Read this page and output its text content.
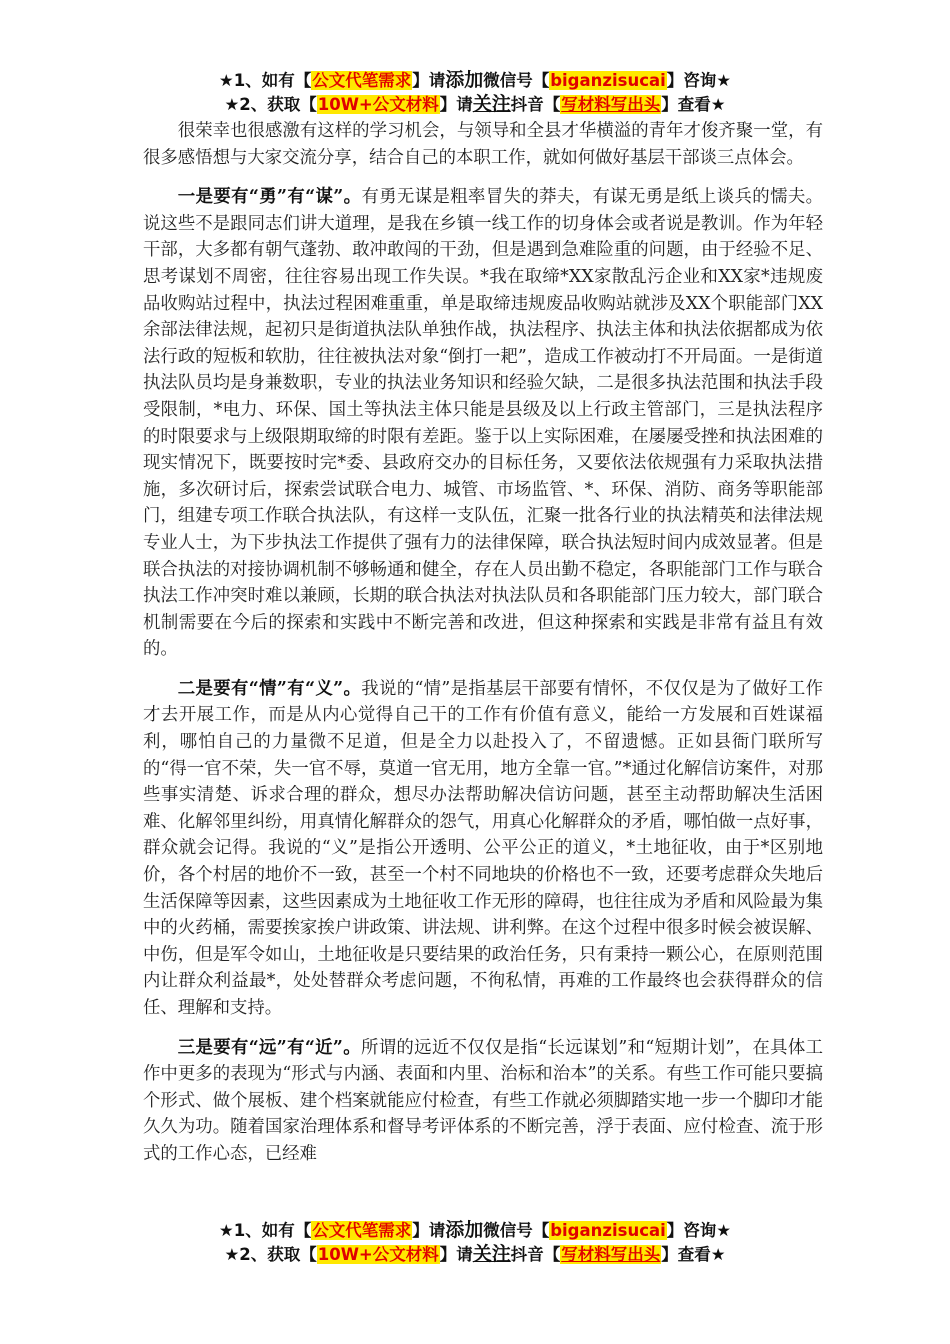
★1、如有【公文代笔需求】请添加微信号【biganzisucai】咨询★
★2、获取【10W+公文材料】请关注抖音【写材料写出头】查看★

很荣幸也很感激有这样的学习机会，与领导和全县才华横溢的青年才俊齐聚一堂，有很多感悟想与大家交流分享，结合自己的本职工作，就如何做好基层干部谈三点体会。

一是要有“勇”有“谋”。有勇无谋是粗率冒失的莽夫，有谋无勇是纸上谈兵的懦夫。说这些不是跟同志们讲大道理，是我在乡镇一线工作的切身体会或者说是教训。作为年轻干部，大多都有朝气蓬勃、敢冲敢闯的干劲，但是遇到急难险重的问题，由于经验不足、思考谋划不周密，往往容易出现工作失误。*我在取缔*XX家散乱污企业和XX家*违规废品收购站过程中，执法过程困难重重，单是取缔违规废品收购站就涉及XX个职能部门XX余部法律法规，起初只是街道执法队单独作战，执法程序、执法主体和执法依据都成为依法行政的短板和软肋，往往被执法对象“倒打一耙”，造成工作被动打不开局面。一是街道执法队员均是身兼数职，专业的执法业务知识和经验欠缺，二是很多执法范围和执法手段受限制，*电力、环保、国土等执法主体只能是县级及以上行政主管部门，三是执法程序的时限要求与上级限期取缔的时限有差距。鉴于以上实际困难，在屡屡受挫和执法困难的现实情况下，既要按时完*委、县政府交办的目标任务，又要依法依规强有力采取执法措施，多次研讨后，探索尝试联合电力、城管、市场监管、*、环保、消防、商务等职能部门，组建专项工作联合执法队，有这样一支队伍，汇聚一批各行业的执法精英和法律法规专业人士，为下步执法工作提供了强有力的法律保障，联合执法短时间内成效显著。但是联合执法的对接协调机制不够畅通和健全，存在人员出勤不稳定，各职能部门工作与联合执法工作冲突时难以兼顾，长期的联合执法对执法队员和各职能部门压力较大，部门联合机制需要在今后的探索和实践中不断完善和改进，但这种探索和实践是非常有益且有效的。

二是要有“情”有“义”。我说的“情”是指基层干部要有情怀，不仅仅是为了做好工作才去开展工作，而是从内心觉得自己干的工作有价值有意义，能给一方发展和百姓谋福利，哪怕自己的力量微不足道，但是全力以赴投入了，不留遗憾。正如县衙门联所写的“得一官不荣，失一官不辱，莫道一官无用，地方全靠一官。”*通过化解信访案件，对那些事实清楚、诉求合理的群众，想尽办法帮助解决信访问题，甚至主动帮助解决生活困难、化解邻里纠纷，用真情化解群众的怨气，用真心化解群众的矛盾，哪怕做一点好事，群众就会记得。我说的“义”是指公开透明、公平公正的道义，*土地征收，由于*区别地价，各个村居的地价不一致，甚至一个村不同地块的价格也不一致，还要考虑群众失地后生活保障等因素，这些因素成为土地征收工作无形的障碍，也往往成为矛盾和风险最为集中的火药桶，需要挨家挨户讲政策、讲法规、讲利弊。在这个过程中很多时候会被误解、中伤，但是军令如山，土地征收是只要结果的政治任务，只有秉持一颗公心，在原则范围内让群众利益最*，处处替群众考虑问题，不徇私情，再难的工作最终也会获得群众的信任、理解和支持。

三是要有“远”有“近”。所谓的远近不仅仅是指“长远谋划”和“短期计划”，在具体工作中更多的表现为“形式与内涵、表面和内里、治标和治本”的关系。有些工作可能只要搞个形式、做个展板、建个档案就能应付检查，有些工作就必须脚踏实地一步一个脚印才能久久为功。随着国家治理体系和督导考评体系的不断完善，浮于表面、应付检查、流于形式的工作心态，已经难

★1、如有【公文代笔需求】请添加微信号【biganzisucai】咨询★
★2、获取【10W+公文材料】请关注抖音【写材料写出头】查看★
